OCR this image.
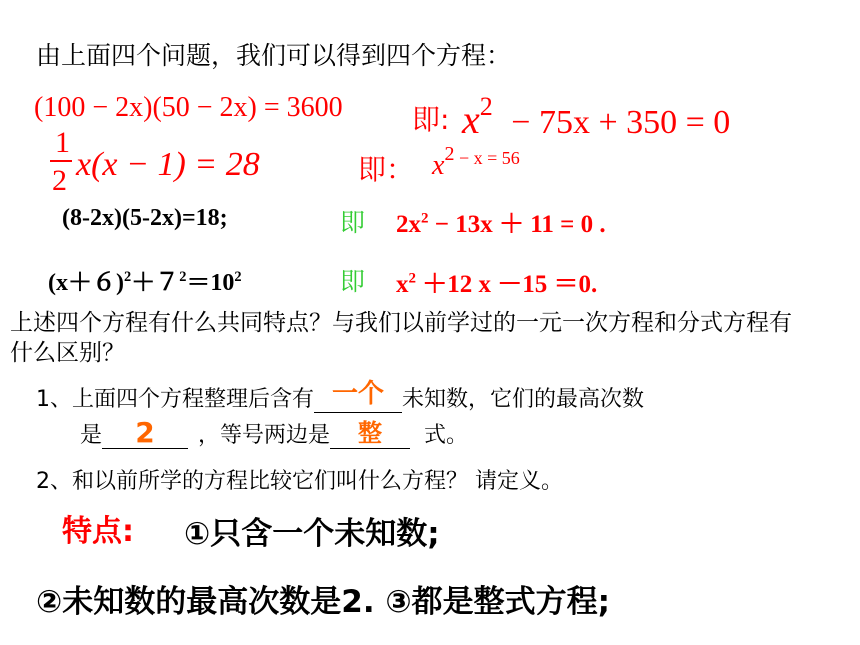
由上面四个问题，我们可以得到四个方程：
(100 − 2x)(50 − 2x) = 3600 即: $x^2 - 75x + 350 = 0$
1
2 x(x − 1) = 28	即： $x^2$ $^{- x = 56}$
(8-2x)(5-2x)=18;	即 $2x^2 - 13x + 11 = 0$ .
$(x+6)^2+7^2=10^2$	即 $x^2 +12$ x －15 ＝0.
上述四个方程有什么共同特点？与我们以前学过的一元一次方程和分式方程有什么区别？
1、上面四个方程整理后含有 一个 未知数，它们的最高次数
是	2	，等号两边是	整	式。
2、和以前所学的方程比较它们叫什么方程？ 请定义。
特点: ①只含一个未知数;
②未知数的最高次数是2. ③都是整式方程;
